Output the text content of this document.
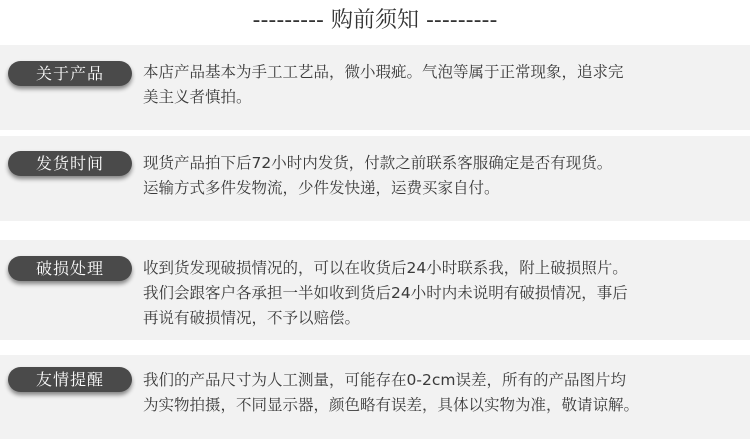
--------- 购前须知 ---------
关于产品	本店产品基本为手工工艺品，微小瑕疵。气泡等属于正常现象，追求完
美主义者慎拍。
发货时间	现货产品拍下后72小时内发货，付款之前联系客服确定是否有现货。
运输方式多件发物流，少件发快递，运费买家自付。
破损处理	收到货发现破损情况的，可以在收货后24小时联系我，附上破损照片。
我们会跟客户各承担一半如收到货后24小时内未说明有破损情况，事后
再说有破损情况，不予以赔偿。
友情提醒	我们的产品尺寸为人工测量，可能存在0-2cm误差，所有的产品图片均
为实物拍摄，不同显示器，颜色略有误差，具体以实物为准，敬请谅解。
